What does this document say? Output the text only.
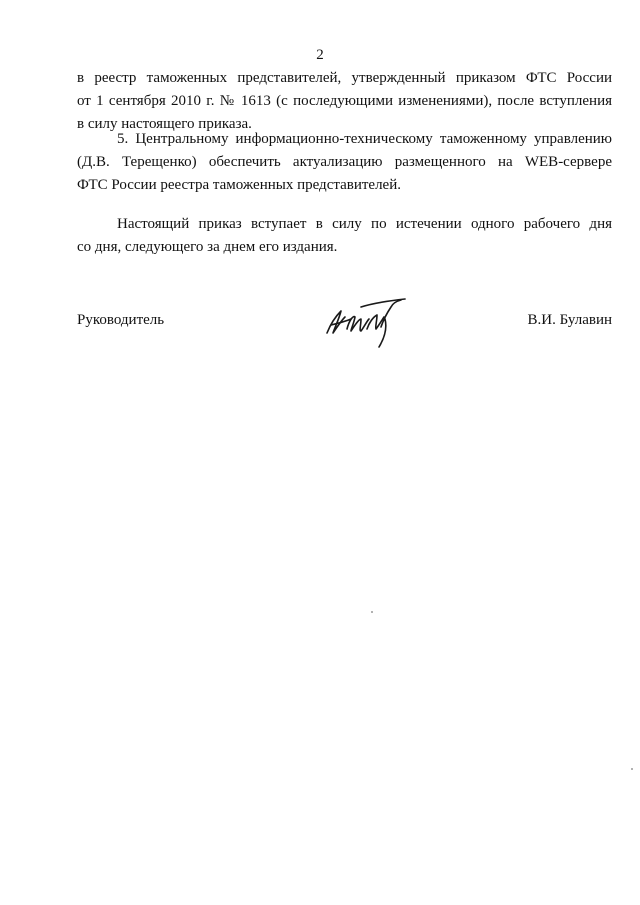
2
в реестр таможенных представителей, утвержденный приказом ФТС России
от 1 сентября 2010 г. № 1613 (с последующими изменениями), после вступления
в силу настоящего приказа.
5. Центральному информационно-техническому таможенному управлению
(Д.В. Терещенко) обеспечить актуализацию размещенного на WEB-сервере
ФТС России реестра таможенных представителей.
Настоящий приказ вступает в силу по истечении одного рабочего дня
со дня, следующего за днем его издания.
Руководитель	В.И. Булавин
